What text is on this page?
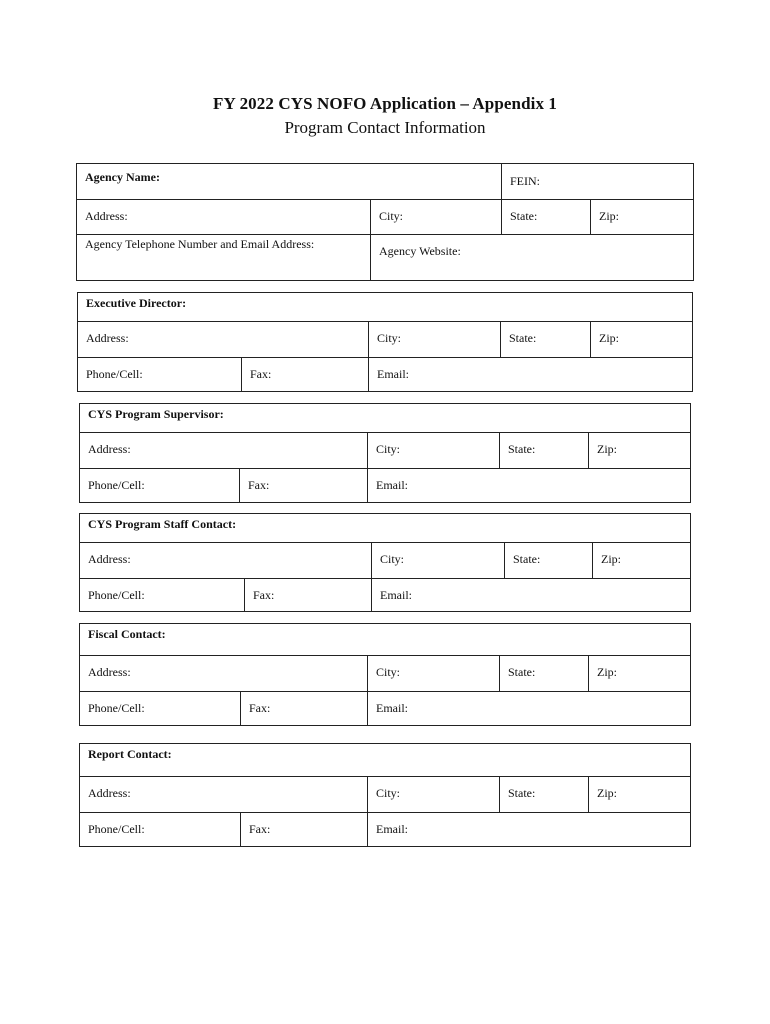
FY 2022 CYS NOFO Application – Appendix 1
Program Contact Information
Agency Name:	FEIN:
Address:	City:	State:	Zip:
Agency Telephone Number and Email Address:	Agency Website:
Executive Director:
Address:	City:	State:	Zip:
Phone/Cell:	Fax:	Email:
CYS Program Supervisor:
Address:	City:	State:	Zip:
Phone/Cell:	Fax:	Email:
CYS Program Staff Contact:
Address:	City:	State:	Zip:
Phone/Cell:	Fax:	Email:
Fiscal Contact:
Address:	City:	State:	Zip:
Phone/Cell:	Fax:	Email:
Report Contact:
Address:	City:	State:	Zip:
Phone/Cell:	Fax:	Email:
